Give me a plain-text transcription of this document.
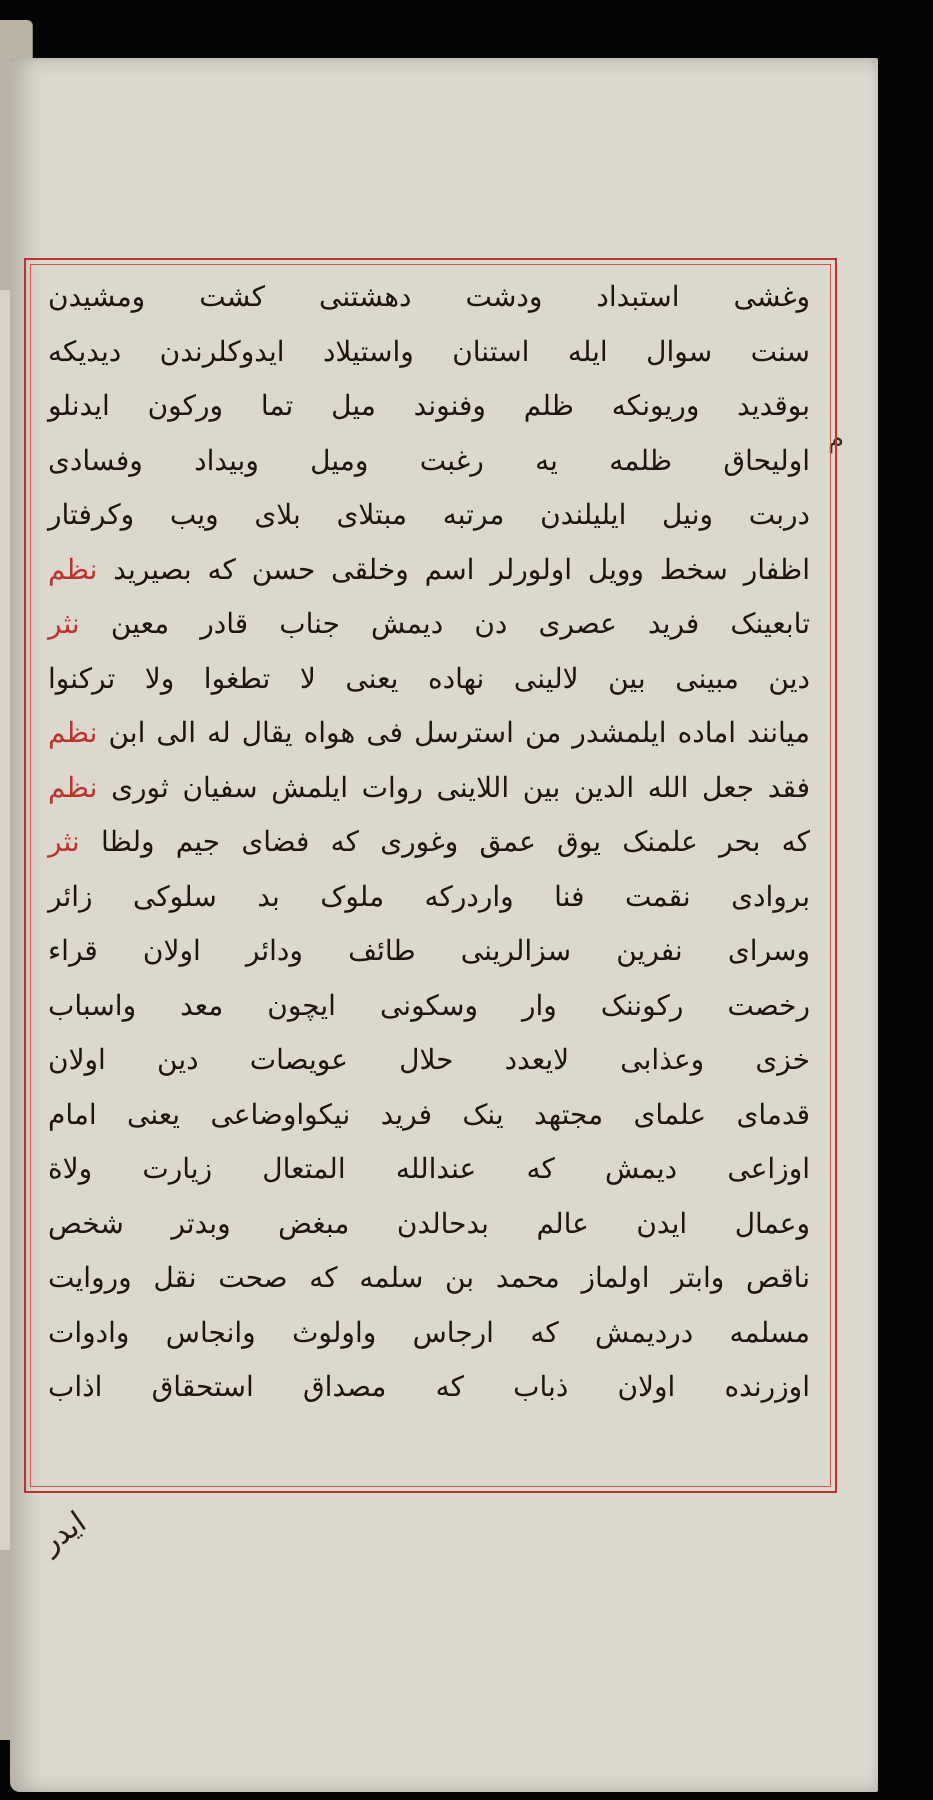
م
وغشی استبداد ودشت دهشتنی کشت ومشیدن
سنت سوال ایله استنان واستیلاد ایدوکلرندن دیدیکه
بوقدید وریونکه ظلم وفنوند میل تما ورکون ایدنلو
اولیحاق ظلمه یه رغبت ومیل وبیداد وفسادی
دربت ونیل ایلیلندن مرتبه مبتلای بلای ویب وکرفتار
اظفار سخط وویل اولورلر اسم وخلقی حسن که بصیرید نظم
تابعینک فرید عصری دن دیمش جناب قادر معین نثر
دین مبینی بین لالینی نهاده یعنی لا تطغوا ولا ترکنوا
میانند اماده ایلمشدر من استرسل فی هواه یقال له الی ابن نظم
فقد جعل الله الدین بین اللاینی روات ایلمش سفیان ثوری نظم
که بحر علمنک یوق عمق وغوری که فضای جیم ولظا نثر
بروادی نقمت فنا واردرکه ملوک بد سلوکی زائر
وسرای نفرین سزالرینی طائف ودائر اولان قراء
رخصت رکوننک وار وسکونی ایچون معد واسباب
خزی وعذابی لایعدد حلال عویصات دین اولان
قدمای علمای مجتهد ینک فرید نیکواوضاعی یعنی امام
اوزاعی دیمش که عندالله المتعال زیارت ولاة
وعمال ایدن عالم بدحالدن مبغض وبدتر شخص
ناقص وابتر اولماز محمد بن سلمه که صحت نقل وروایت
مسلمه دردیمش که ارجاس واولوث وانجاس وادوات
اوزرنده اولان ذباب که مصداق استحقاق اذاب
ایدر
